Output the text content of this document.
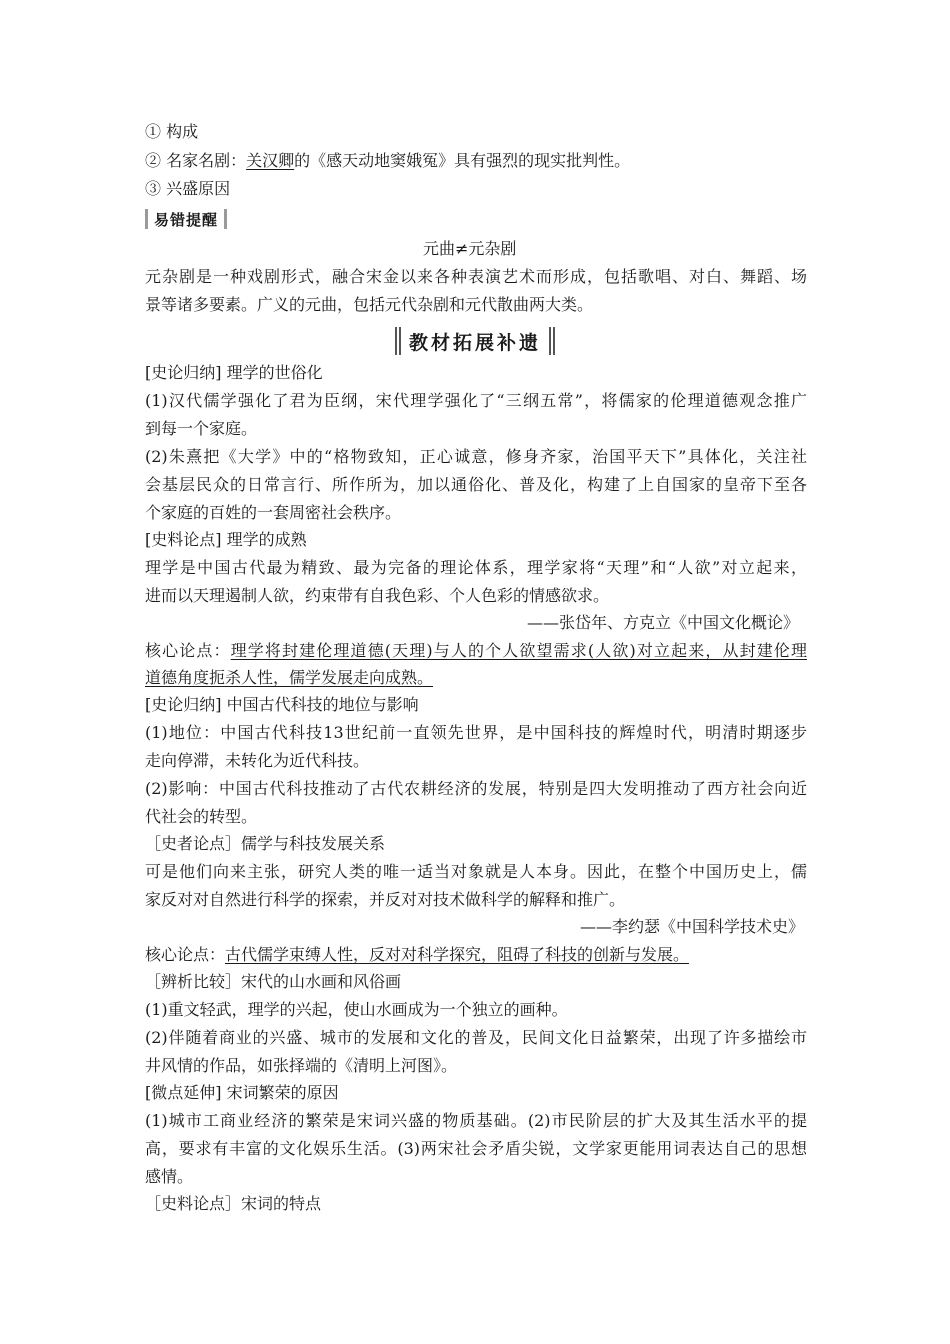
① 构成
② 名家名剧：关汉卿的《感天动地窦娥冤》具有强烈的现实批判性。
③ 兴盛原因
易错提醒
元曲≠元杂剧
元杂剧是一种戏剧形式，融合宋金以来各种表演艺术而形成，包括歌唱、对白、舞蹈、场
景等诸多要素。广义的元曲，包括元代杂剧和元代散曲两大类。
教材拓展补遗
[史论归纳] 理学的世俗化
(1)汉代儒学强化了君为臣纲，宋代理学强化了“三纲五常”，将儒家的伦理道德观念推广
到每一个家庭。
(2)朱熹把《大学》中的“格物致知，正心诚意，修身齐家，治国平天下”具体化，关注社
会基层民众的日常言行、所作所为，加以通俗化、普及化，构建了上自国家的皇帝下至各
个家庭的百姓的一套周密社会秩序。
[史料论点] 理学的成熟
理学是中国古代最为精致、最为完备的理论体系，理学家将“天理”和“人欲”对立起来，
进而以天理遏制人欲，约束带有自我色彩、个人色彩的情感欲求。
——张岱年、方克立《中国文化概论》
核心论点：理学将封建伦理道德(天理)与人的个人欲望需求(人欲)对立起来，从封建伦理
道德角度扼杀人性，儒学发展走向成熟。
[史论归纳] 中国古代科技的地位与影响
(1)地位：中国古代科技13世纪前一直领先世界，是中国科技的辉煌时代，明清时期逐步
走向停滞，未转化为近代科技。
(2)影响：中国古代科技推动了古代农耕经济的发展，特别是四大发明推动了西方社会向近
代社会的转型。
［史者论点］儒学与科技发展关系
可是他们向来主张，研究人类的唯一适当对象就是人本身。因此，在整个中国历史上，儒
家反对对自然进行科学的探索，并反对对技术做科学的解释和推广。
——李约瑟《中国科学技术史》
核心论点：古代儒学束缚人性，反对对科学探究，阻碍了科技的创新与发展。
［辨析比较］宋代的山水画和风俗画
(1)重文轻武，理学的兴起，使山水画成为一个独立的画种。
(2)伴随着商业的兴盛、城市的发展和文化的普及，民间文化日益繁荣，出现了许多描绘市
井风情的作品，如张择端的《清明上河图》。
[微点延伸] 宋词繁荣的原因
(1)城市工商业经济的繁荣是宋词兴盛的物质基础。(2)市民阶层的扩大及其生活水平的提
高，要求有丰富的文化娱乐生活。(3)两宋社会矛盾尖锐，文学家更能用词表达自己的思想
感情。
［史料论点］宋词的特点
